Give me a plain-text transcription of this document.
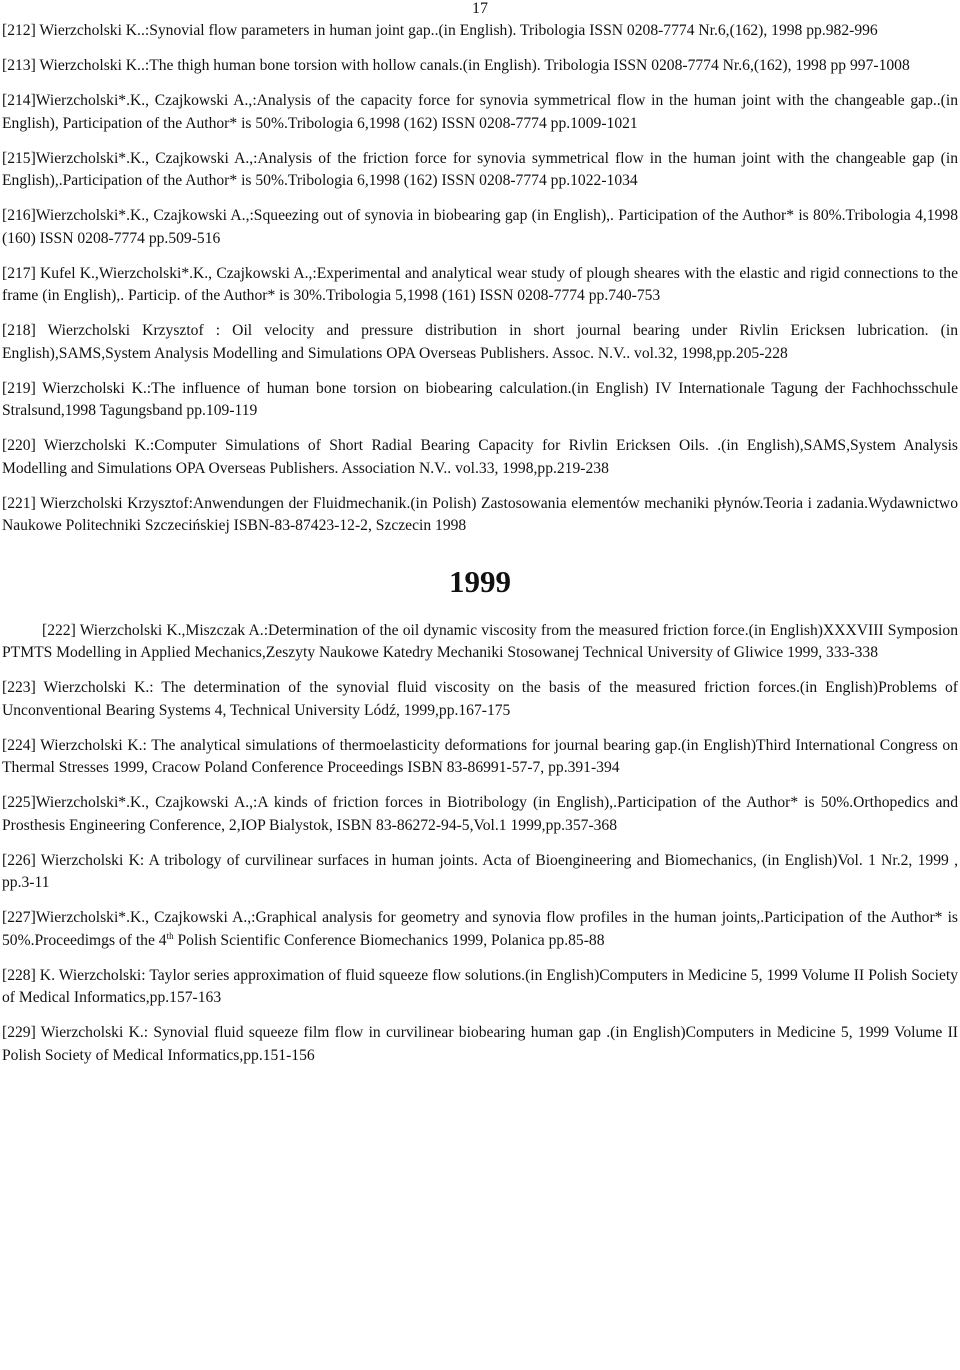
17

[212] Wierzcholski K..:Synovial flow parameters in human joint gap..(in English). Tribologia ISSN 0208-7774 Nr.6,(162), 1998 pp.982-996

[213] Wierzcholski K..:The thigh human bone torsion with hollow canals.(in English). Tribologia ISSN 0208-7774 Nr.6,(162), 1998 pp 997-1008

[214]Wierzcholski*.K., Czajkowski A.,:Analysis of the capacity force for synovia symmetrical flow in the human joint with the changeable gap..(in English), Participation of the Author* is 50%.Tribologia 6,1998 (162) ISSN 0208-7774 pp.1009-1021

[215]Wierzcholski*.K., Czajkowski A.,:Analysis of the friction force for synovia symmetrical flow in the human joint with the changeable gap (in English),.Participation of the Author* is 50%.Tribologia 6,1998 (162) ISSN 0208-7774 pp.1022-1034

[216]Wierzcholski*.K., Czajkowski A.,:Squeezing out of synovia in biobearing gap (in English),. Participation of the Author* is 80%.Tribologia 4,1998 (160) ISSN 0208-7774 pp.509-516

[217] Kufel K.,Wierzcholski*.K., Czajkowski A.,:Experimental and analytical wear study of plough sheares with the elastic and rigid connections to the frame (in English),. Particip. of the Author* is 30%.Tribologia 5,1998 (161) ISSN 0208-7774 pp.740-753

[218] Wierzcholski Krzysztof : Oil velocity and pressure distribution in short journal bearing under Rivlin Ericksen lubrication. (in English),SAMS,System Analysis Modelling and Simulations OPA Overseas Publishers. Assoc. N.V.. vol.32, 1998,pp.205-228

[219] Wierzcholski K.:The influence of human bone torsion on biobearing calculation.(in English) IV Internationale Tagung der Fachhochsschule Stralsund,1998 Tagungsband pp.109-119

[220] Wierzcholski K.:Computer Simulations of Short Radial Bearing Capacity for Rivlin Ericksen Oils. .(in English),SAMS,System Analysis Modelling and Simulations OPA Overseas Publishers. Association N.V.. vol.33, 1998,pp.219-238

[221] Wierzcholski Krzysztof:Anwendungen der Fluidmechanik.(in Polish) Zastosowania elementów mechaniki płynów.Teoria i zadania.Wydawnictwo Naukowe Politechniki Szczecińskiej ISBN-83-87423-12-2, Szczecin 1998

1999

[222] Wierzcholski K.,Miszczak A.:Determination of the oil dynamic viscosity from the measured friction force.(in English)XXXVIII Symposion PTMTS Modelling in Applied Mechanics,Zeszyty Naukowe Katedry Mechaniki Stosowanej Technical University of Gliwice 1999, 333-338

[223] Wierzcholski K.: The determination of the synovial fluid viscosity on the basis of the measured friction forces.(in English)Problems of Unconventional Bearing Systems 4, Technical University Lódź, 1999,pp.167-175

[224] Wierzcholski K.: The analytical simulations of thermoelasticity deformations for journal bearing gap.(in English)Third International Congress on Thermal Stresses 1999, Cracow Poland Conference Proceedings ISBN 83-86991-57-7, pp.391-394

[225]Wierzcholski*.K., Czajkowski A.,:A kinds of friction forces in Biotribology (in English),.Participation of the Author* is 50%.Orthopedics and Prosthesis Engineering Conference, 2,IOP Bialystok, ISBN 83-86272-94-5,Vol.1 1999,pp.357-368

[226] Wierzcholski K: A tribology of curvilinear surfaces in human joints. Acta of Bioengineering and Biomechanics, (in English)Vol. 1 Nr.2, 1999 , pp.3-11

[227]Wierzcholski*.K., Czajkowski A.,:Graphical analysis for geometry and synovia flow profiles in the human joints,.Participation of the Author* is 50%.Proceedimgs of the 4th Polish Scientific Conference Biomechanics 1999, Polanica pp.85-88

[228] K. Wierzcholski: Taylor series approximation of fluid squeeze flow solutions.(in English)Computers in Medicine 5, 1999 Volume II Polish Society of Medical Informatics,pp.157-163

[229] Wierzcholski K.: Synovial fluid squeeze film flow in curvilinear biobearing human gap .(in English)Computers in Medicine 5, 1999 Volume II Polish Society of Medical Informatics,pp.151-156
